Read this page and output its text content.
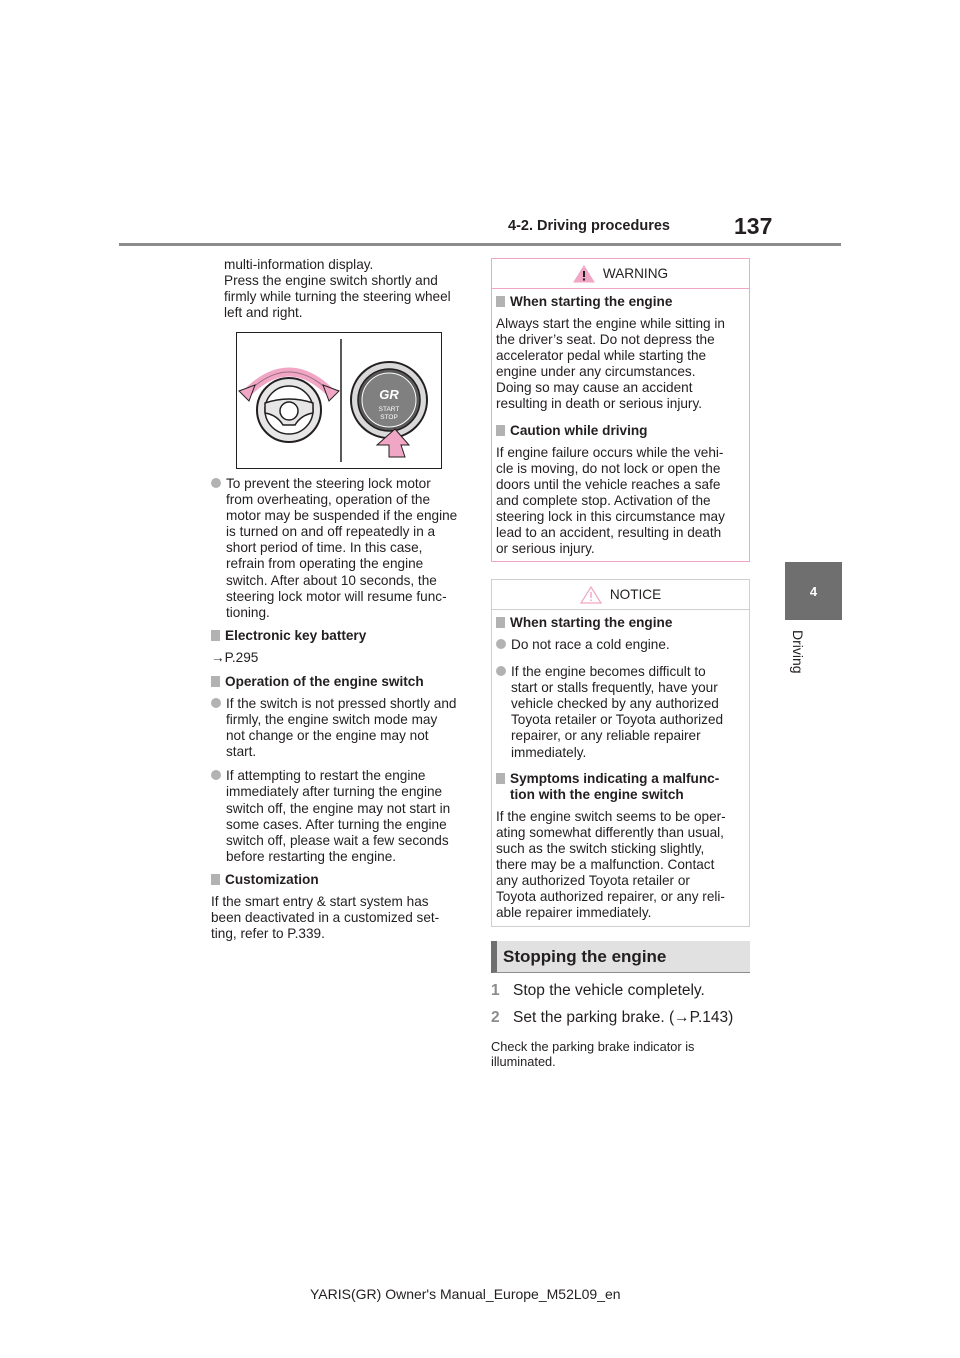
4-2. Driving procedures	137
4
Driving
multi-information display.
Press the engine switch shortly and
firmly while turning the steering wheel
left and right.
GR
START
STOP
To prevent the steering lock motor
from overheating, operation of the
motor may be suspended if the engine
is turned on and off repeatedly in a
short period of time. In this case,
refrain from operating the engine
switch. After about 10 seconds, the
steering lock motor will resume func-
tioning.
Electronic key battery
→P.295
Operation of the engine switch
If the switch is not pressed shortly and
firmly, the engine switch mode may
not change or the engine may not
start.
If attempting to restart the engine
immediately after turning the engine
switch off, the engine may not start in
some cases. After turning the engine
switch off, please wait a few seconds
before restarting the engine.
Customization
If the smart entry & start system has
been deactivated in a customized set-
ting, refer to P.339.
WARNING
When starting the engine
Always start the engine while sitting in
the driver’s seat. Do not depress the
accelerator pedal while starting the
engine under any circumstances.
Doing so may cause an accident
resulting in death or serious injury.
Caution while driving
If engine failure occurs while the vehi-
cle is moving, do not lock or open the
doors until the vehicle reaches a safe
and complete stop. Activation of the
steering lock in this circumstance may
lead to an accident, resulting in death
or serious injury.
NOTICE
When starting the engine
Do not race a cold engine.
If the engine becomes difficult to
start or stalls frequently, have your
vehicle checked by any authorized
Toyota retailer or Toyota authorized
repairer, or any reliable repairer
immediately.
Symptoms indicating a malfunc-
tion with the engine switch
If the engine switch seems to be oper-
ating somewhat differently than usual,
such as the switch sticking slightly,
there may be a malfunction. Contact
any authorized Toyota retailer or
Toyota authorized repairer, or any reli-
able repairer immediately.
Stopping the engine
1 Stop the vehicle completely.
2 Set the parking brake. (→P.143)
Check the parking brake indicator is
illuminated.
YARIS(GR) Owner's Manual_Europe_M52L09_en
